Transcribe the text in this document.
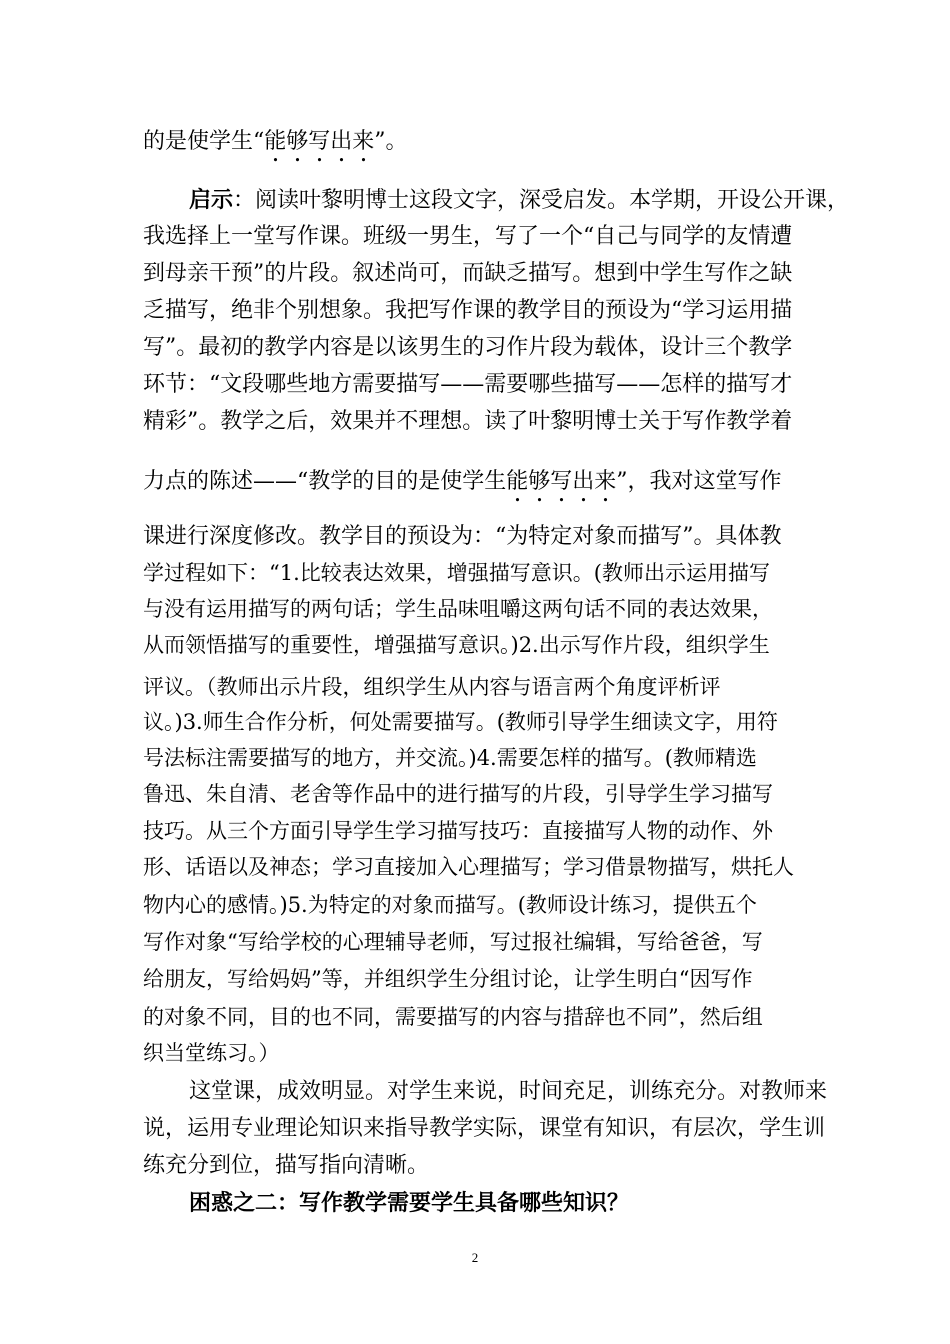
的是使学生“能够写出来”。
启示：阅读叶黎明博士这段文字，深受启发。本学期，开设公开课，
我选择上一堂写作课。班级一男生，写了一个“自己与同学的友情遭
到母亲干预”的片段。叙述尚可，而缺乏描写。想到中学生写作之缺
乏描写，绝非个别想象。我把写作课的教学目的预设为“学习运用描
写”。最初的教学内容是以该男生的习作片段为载体，设计三个教学
环节：“文段哪些地方需要描写——需要哪些描写——怎样的描写才
精彩”。教学之后，效果并不理想。读了叶黎明博士关于写作教学着
力点的陈述——“教学的目的是使学生能够写出来”，我对这堂写作
课进行深度修改。教学目的预设为：“为特定对象而描写”。具体教
学过程如下：“1.比较表达效果，增强描写意识。(教师出示运用描写
与没有运用描写的两句话；学生品味咀嚼这两句话不同的表达效果，
从而领悟描写的重要性，增强描写意识。)2.出示写作片段，组织学生
评议。（教师出示片段，组织学生从内容与语言两个角度评析评
议。)3.师生合作分析，何处需要描写。(教师引导学生细读文字，用符
号法标注需要描写的地方，并交流。)4.需要怎样的描写。(教师精选
鲁迅、朱自清、老舍等作品中的进行描写的片段，引导学生学习描写
技巧。从三个方面引导学生学习描写技巧：直接描写人物的动作、外
形、话语以及神态；学习直接加入心理描写；学习借景物描写，烘托人
物内心的感情。)5.为特定的对象而描写。(教师设计练习，提供五个
写作对象“写给学校的心理辅导老师，写过报社编辑，写给爸爸，写
给朋友，写给妈妈”等，并组织学生分组讨论，让学生明白“因写作
的对象不同，目的也不同，需要描写的内容与措辞也不同”，然后组
织当堂练习。）
这堂课，成效明显。对学生来说，时间充足，训练充分。对教师来
说，运用专业理论知识来指导教学实际，课堂有知识，有层次，学生训
练充分到位，描写指向清晰。
困惑之二：写作教学需要学生具备哪些知识？
2
